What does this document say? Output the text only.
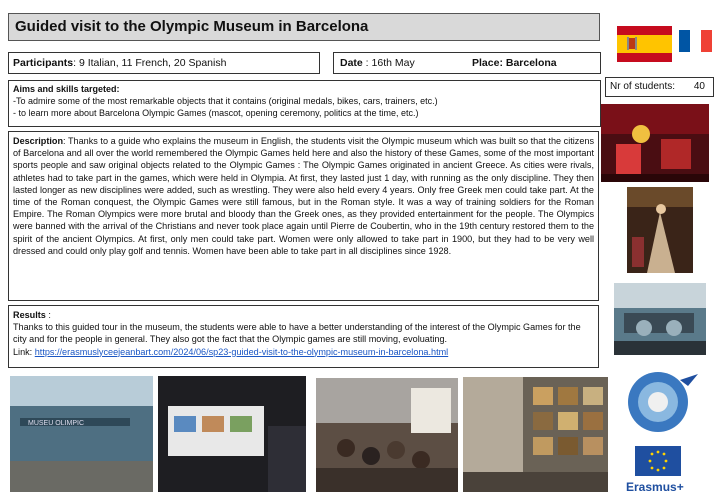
Guided visit to the Olympic Museum in Barcelona
Participants: 9 Italian, 11 French, 20 Spanish	Date : 16th May	Place: Barcelona
Nr of students: 40
Aims and skills targeted:
-To admire some of the most remarkable objects that it contains (original medals, bikes, cars, trainers, etc.)
- to learn more about Barcelona Olympic Games (mascot, opening ceremony, politics at the time, etc.)
Description: Thanks to a guide who explains the museum in English, the students visit the Olympic museum which was built so that the citizens of Barcelona and all over the world remembered the Olympic Games held here and also the history of these Games, some of the most important sports people and saw original objects related to the Olympic Games : The Olympic Games originated in ancient Greece. As cities were rivals, athletes had to take part in the games, which were held in Olympia. At first, they lasted just 1 day, with running as the only discipline. They then lasted longer as new disciplines were added, such as wrestling. They were also held every 4 years. Only free Greek men could take part. At the time of the Roman conquest, the Olympic Games were still famous, but in the Roman style. It was a way of training soldiers for the Roman Empire. The Roman Olympics were more brutal and bloody than the Greek ones, as they provided entertainment for the people. The Olympics were banned with the arrival of the Christians and never took place again until Pierre de Coubertin, who in the 19th century restored them to the spirit of the ancient Olympics. At first, only men could take part. Women were only allowed to take part in 1900, but they had to be very well dressed and could only play golf and tennis. Women have been able to take part in all disciplines since 1928.
Results :
Thanks to this guided tour in the museum, the students were able to have a better understanding of the interest of the Olympic Games for the city and for the people in general. They also got the fact that the Olympic games are still moving, evoluating.
Link: https://erasmuslyceejeanbart.com/2024/06/sp23-guided-visit-to-the-olympic-museum-in-barcelona.html
MUSEU OLIMPIC
Erasmus+
